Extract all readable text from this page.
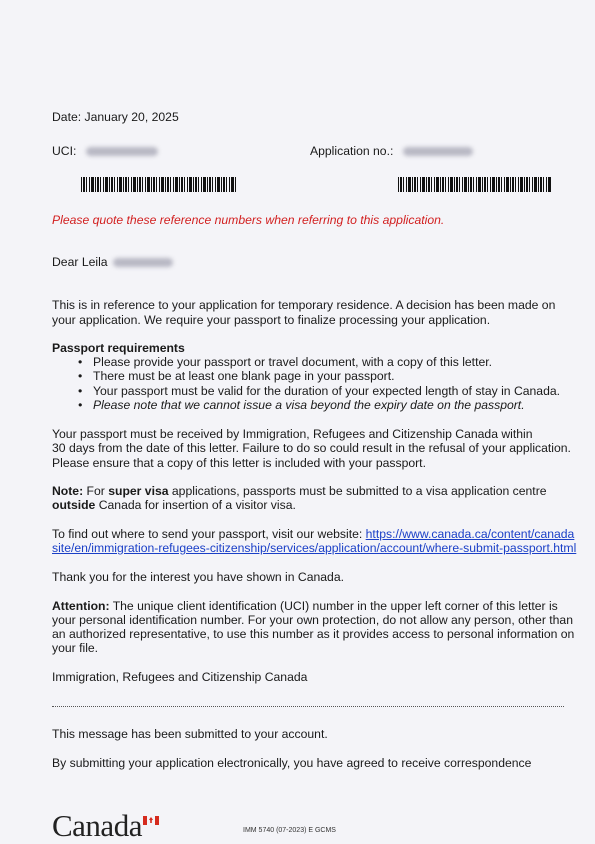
Date: January 20, 2025
UCI:	Application no.:
Please quote these reference numbers when referring to this application.
Dear Leila
This is in reference to your application for temporary residence. A decision has been made on
your application. We require your passport to finalize processing your application.
Passport requirements
• Please provide your passport or travel document, with a copy of this letter.
• There must be at least one blank page in your passport.
• Your passport must be valid for the duration of your expected length of stay in Canada.
• Please note that we cannot issue a visa beyond the expiry date on the passport.
Your passport must be received by Immigration, Refugees and Citizenship Canada within
30 days from the date of this letter. Failure to do so could result in the refusal of your application.
Please ensure that a copy of this letter is included with your passport.
Note: For super visa applications, passports must be submitted to a visa application centre
outside Canada for insertion of a visitor visa.
To find out where to send your passport, visit our website: https://www.canada.ca/content/canada
site/en/immigration-refugees-citizenship/services/application/account/where-submit-passport.html
Thank you for the interest you have shown in Canada.
Attention: The unique client identification (UCI) number in the upper left corner of this letter is
your personal identification number. For your own protection, do not allow any person, other than
an authorized representative, to use this number as it provides access to personal information on
your file.
Immigration, Refugees and Citizenship Canada
This message has been submitted to your account.
By submitting your application electronically, you have agreed to receive correspondence
Canada	IMM 5740 (07-2023) E GCMS
